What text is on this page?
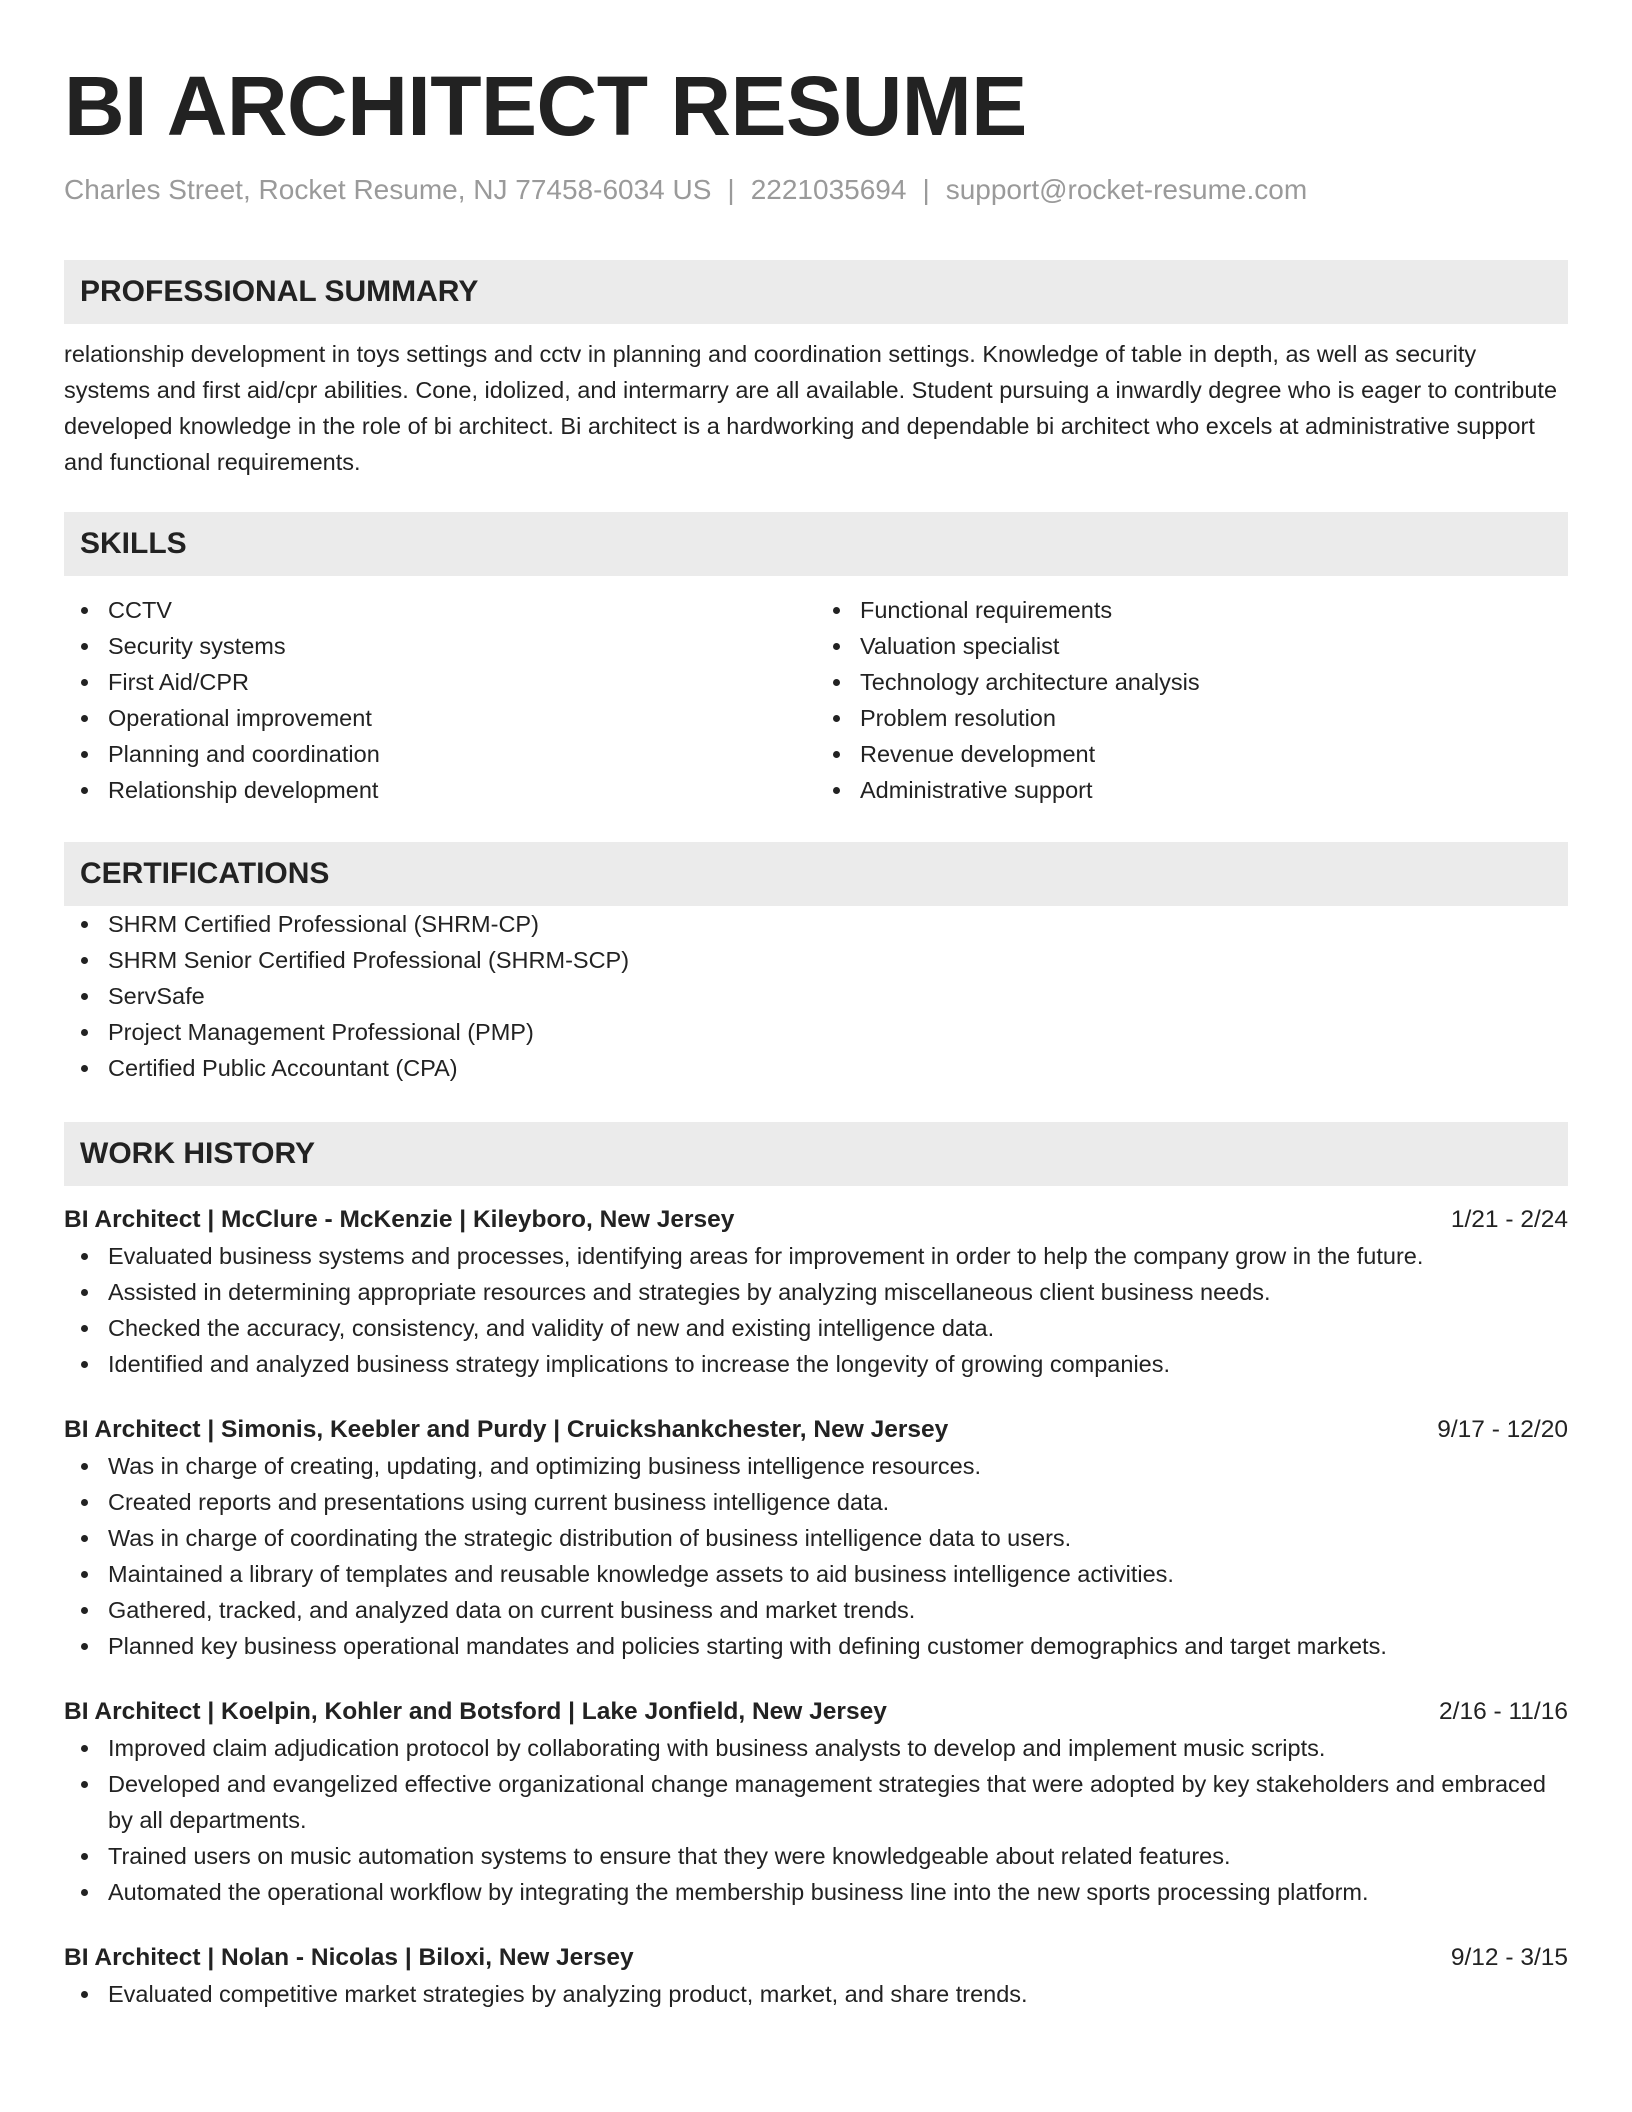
BI ARCHITECT RESUME
Charles Street, Rocket Resume, NJ 77458-6034 US | 2221035694 | support@rocket-resume.com
PROFESSIONAL SUMMARY

relationship development in toys settings and cctv in planning and coordination settings. Knowledge of table in depth, as well as security systems and first aid/cpr abilities. Cone, idolized, and intermarry are all available. Student pursuing a inwardly degree who is eager to contribute developed knowledge in the role of bi architect. Bi architect is a hardworking and dependable bi architect who excels at administrative support and functional requirements.

SKILLS
CCTV
Security systems
First Aid/CPR
Operational improvement
Planning and coordination
Relationship development
Functional requirements
Valuation specialist
Technology architecture analysis
Problem resolution
Revenue development
Administrative support
CERTIFICATIONS
SHRM Certified Professional (SHRM-CP)
SHRM Senior Certified Professional (SHRM-SCP)
ServSafe
Project Management Professional (PMP)
Certified Public Accountant (CPA)
WORK HISTORY
BI Architect | McClure - McKenzie | Kileyboro, New Jersey	1/21 - 2/24
Evaluated business systems and processes, identifying areas for improvement in order to help the company grow in the future.
Assisted in determining appropriate resources and strategies by analyzing miscellaneous client business needs.
Checked the accuracy, consistency, and validity of new and existing intelligence data.
Identified and analyzed business strategy implications to increase the longevity of growing companies.
BI Architect | Simonis, Keebler and Purdy | Cruickshankchester, New Jersey	9/17 - 12/20
Was in charge of creating, updating, and optimizing business intelligence resources.
Created reports and presentations using current business intelligence data.
Was in charge of coordinating the strategic distribution of business intelligence data to users.
Maintained a library of templates and reusable knowledge assets to aid business intelligence activities.
Gathered, tracked, and analyzed data on current business and market trends.
Planned key business operational mandates and policies starting with defining customer demographics and target markets.
BI Architect | Koelpin, Kohler and Botsford | Lake Jonfield, New Jersey	2/16 - 11/16
Improved claim adjudication protocol by collaborating with business analysts to develop and implement music scripts.
Developed and evangelized effective organizational change management strategies that were adopted by key stakeholders and embraced by all departments.
Trained users on music automation systems to ensure that they were knowledgeable about related features.
Automated the operational workflow by integrating the membership business line into the new sports processing platform.
BI Architect | Nolan - Nicolas | Biloxi, New Jersey	9/12 - 3/15
Evaluated competitive market strategies by analyzing product, market, and share trends.
